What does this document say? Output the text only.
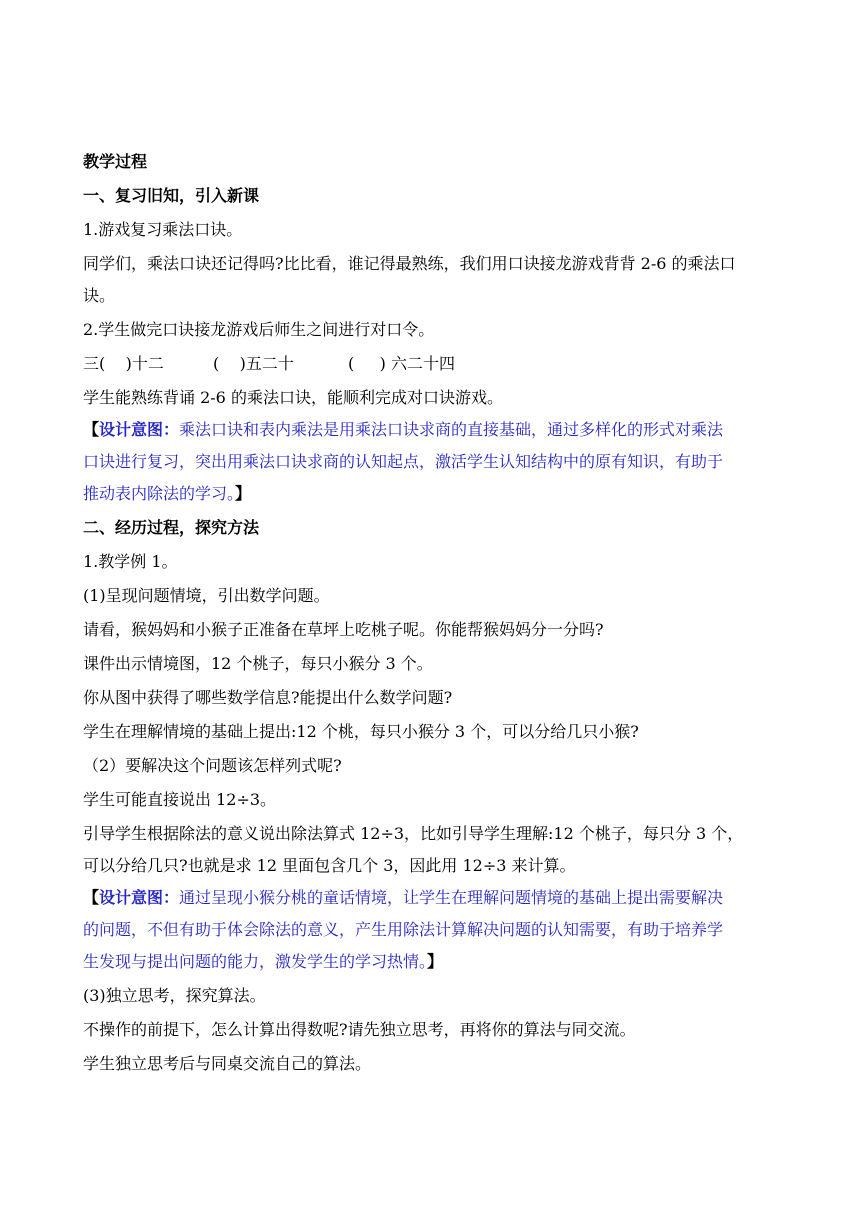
教学过程
一、复习旧知，引入新课
1.游戏复习乘法口诀。
同学们，乘法口诀还记得吗?比比看，谁记得最熟练，我们用口诀接龙游戏背背 2-6 的乘法口
诀。
2.学生做完口诀接龙游戏后师生之间进行对口令。
三(    )十二	(    )五二十	(     ) 六二十四
学生能熟练背诵 2-6 的乘法口诀，能顺利完成对口诀游戏。
【设计意图：乘法口诀和表内乘法是用乘法口诀求商的直接基础，通过多样化的形式对乘法
口诀进行复习，突出用乘法口诀求商的认知起点，激活学生认知结构中的原有知识，有助于
推动表内除法的学习。】
二、经历过程，探究方法
1.教学例 1。
(1)呈现问题情境，引出数学问题。
请看，猴妈妈和小猴子正准备在草坪上吃桃子呢。你能帮猴妈妈分一分吗?
课件出示情境图，12 个桃子，每只小猴分 3 个。
你从图中获得了哪些数学信息?能提出什么数学问题?
学生在理解情境的基础上提出:12 个桃，每只小猴分 3 个，可以分给几只小猴?
（2）要解决这个问题该怎样列式呢?
学生可能直接说出 12÷3。
引导学生根据除法的意义说出除法算式 12÷3，比如引导学生理解:12 个桃子，每只分 3 个，
可以分给几只?也就是求 12 里面包含几个 3，因此用 12÷3 来计算。
【设计意图：通过呈现小猴分桃的童话情境，让学生在理解问题情境的基础上提出需要解决
的问题，不但有助于体会除法的意义，产生用除法计算解决问题的认知需要，有助于培养学
生发现与提出问题的能力，激发学生的学习热情。】
(3)独立思考，探究算法。
不操作的前提下，怎么计算出得数呢?请先独立思考，再将你的算法与同交流。
学生独立思考后与同桌交流自己的算法。
